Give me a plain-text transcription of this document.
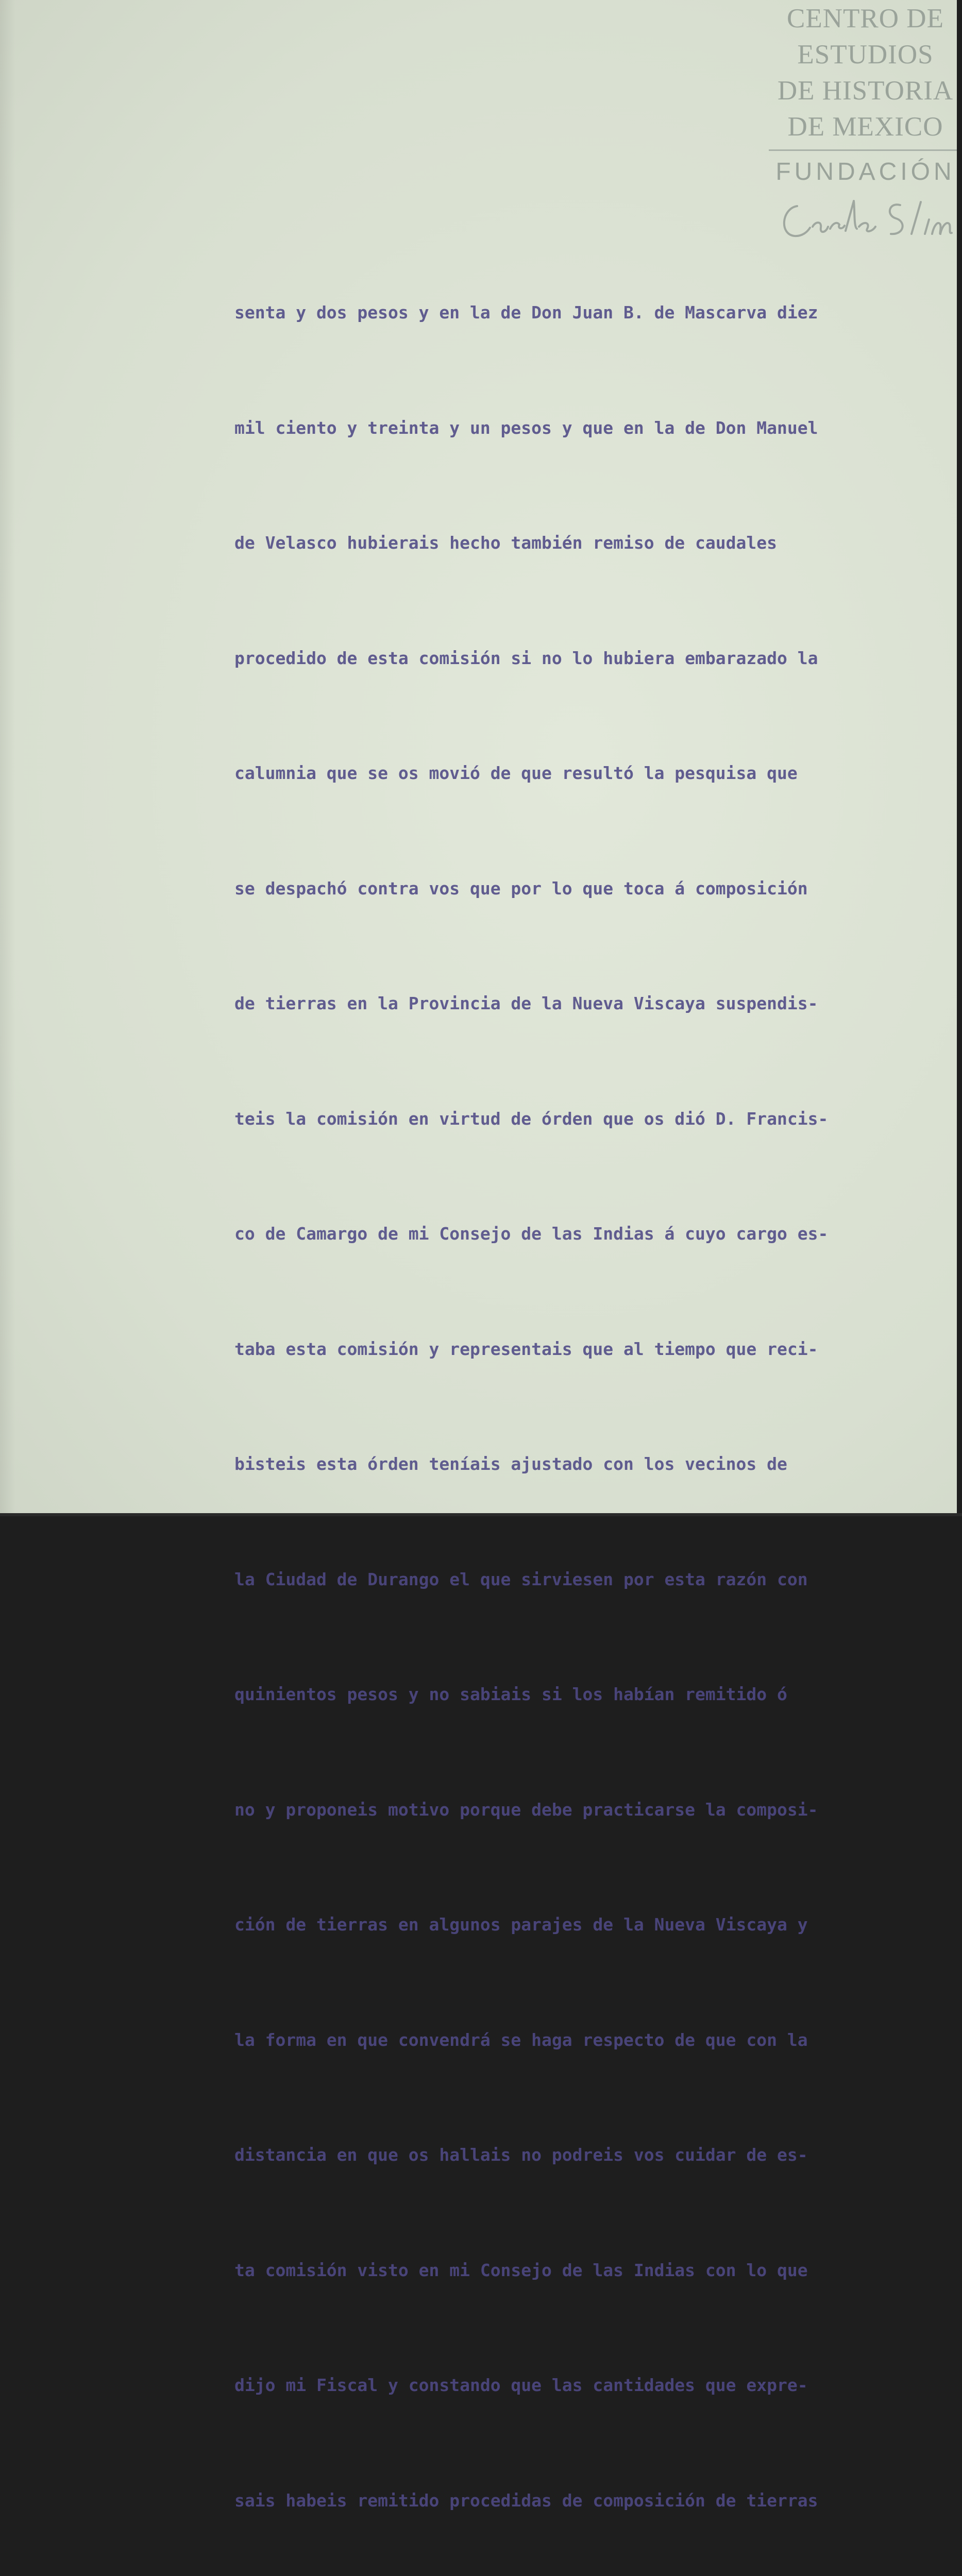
CENTRO DE
ESTUDIOS
DE HISTORIA
DE MEXICO
FUNDACIÓN

senta y dos pesos y en la de Don Juan B. de Mascarva diez

mil ciento y treinta y un pesos y que en la de Don Manuel

de Velasco hubierais hecho también remiso de caudales

procedido de esta comisión si no lo hubiera embarazado la

calumnia que se os movió de que resultó la pesquisa que

se despachó contra vos que por lo que toca á composición

de tierras en la Provincia de la Nueva Viscaya suspendis-

teis la comisión en virtud de órden que os dió D. Francis-

co de Camargo de mi Consejo de las Indias á cuyo cargo es-

taba esta comisión y representais que al tiempo que reci-

bisteis esta órden teníais ajustado con los vecinos de

la Ciudad de Durango el que sirviesen por esta razón con

quinientos pesos y no sabiais si los habían remitido ó

no y proponeis motivo porque debe practicarse la composi-

ción de tierras en algunos parajes de la Nueva Viscaya y

la forma en que convendrá se haga respecto de que con la

distancia en que os hallais no podreis vos cuidar de es-

ta comisión visto en mi Consejo de las Indias con lo que

dijo mi Fiscal y constando que las cantidades que expre-

sais habeis remitido procedidas de composición de tierras
